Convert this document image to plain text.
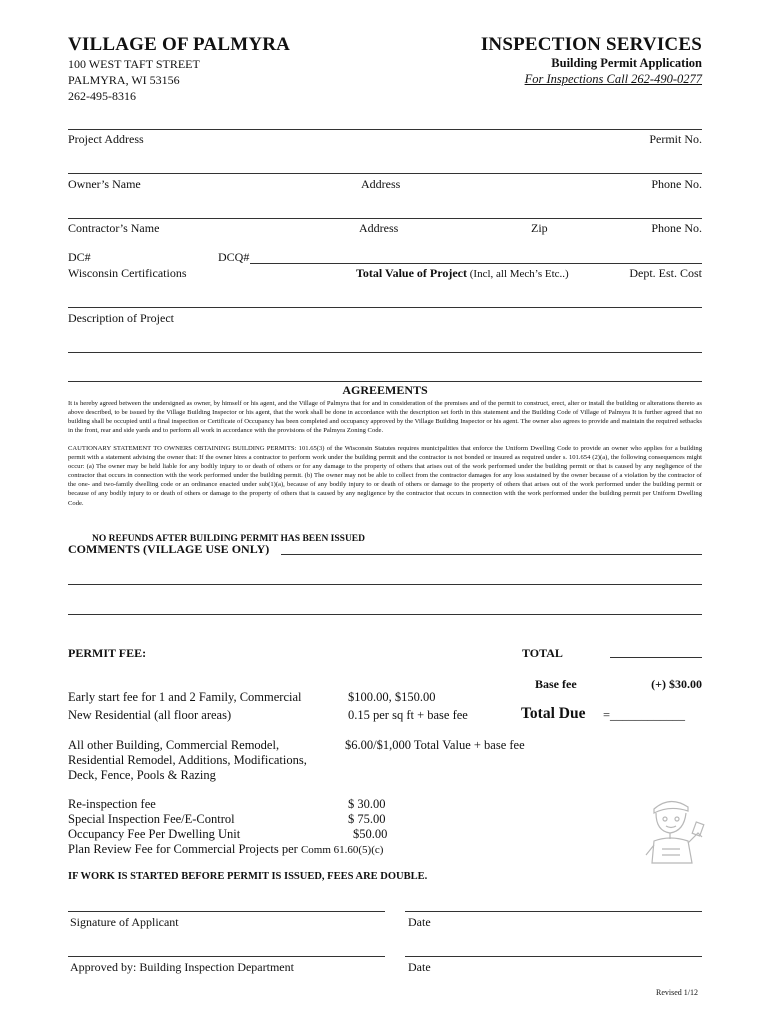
VILLAGE OF PALMYRA
100 WEST TAFT STREET
PALMYRA, WI 53156
262-495-8316
INSPECTION SERVICES
Building Permit Application
For Inspections Call 262-490-0277
Project Address	Permit No.
Owner’s Name	Address	Phone No.
Contractor’s Name	Address	Zip	Phone No.
DC#	DCQ#
Wisconsin Certifications	Total Value of Project (Incl, all Mech’s Etc..)	Dept. Est. Cost
Description of Project
AGREEMENTS
It is hereby agreed between the undersigned as owner, by himself or his agent, and the Village of Palmyra that for and in consideration of the premises and of the permit to construct, erect, alter or install the building or alterations thereto as above described, to be issued by the Village Building Inspector or his agent, that the work shall be done in accordance with the description set forth in this statement and the Building Code of Village of Palmyra It is further agreed that no building shall be occupied until a final inspection or Certificate of Occupancy has been completed and occupancy approved by the Village Building Inspector or his agent. The owner also agrees to provide and maintain the required setbacks in the front, rear and side yards and to perform all work in accordance with the provisions of the Palmyra Zoning Code.
CAUTIONARY STATEMENT TO OWNERS OBTAINING BUILDING PERMITS: 101.65(3) of the Wisconsin Statutes requires municipalities that enforce the Uniform Dwelling Code to provide an owner who applies for a building permit with a statement advising the owner that: If the owner hires a contractor to perform work under the building permit and the contractor is not bonded or insured as required under s. 101.654 (2)(a), the following consequences might occur: (a) The owner may be held liable for any bodily injury to or death of others or for any damage to the property of others that arises out of the work performed under the building permit or that is caused by any negligence of the contractor that occurs in connection with the work performed under the building permit. (b) The owner may not be able to collect from the contractor damages for any loss sustained by the owner because of a violation by the contractor of the one- and two-family dwelling code or an ordinance enacted under sub(1)(a), because of any bodily injury to or death of others or damage to the property of others that arises out of the work performed under the building permit or because of any bodily injury to or death of others or damage to the property of others that is caused by any negligence by the contractor that occurs in connection with the work performed under the building permit per Uniform Dwelling Code.
NO REFUNDS AFTER BUILDING PERMIT HAS BEEN ISSUED
COMMENTS (VILLAGE USE ONLY)
PERMIT FEE:	TOTAL
Base fee	(+) $30.00
Early start fee for 1 and 2 Family, Commercial	$100.00, $150.00
New Residential (all floor areas)	0.15 per sq ft + base fee	Total Due =____________
All other Building, Commercial Remodel,
Residential Remodel, Additions, Modifications,
Deck, Fence, Pools & Razing
$6.00/$1,000 Total Value + base fee
Re-inspection fee	$ 30.00
Special Inspection Fee/E-Control	$ 75.00
Occupancy Fee Per Dwelling Unit	$50.00
Plan Review Fee for Commercial Projects per Comm 61.60(5)(c)
IF WORK IS STARTED BEFORE PERMIT IS ISSUED, FEES ARE DOUBLE.
Signature of Applicant	Date
Approved by: Building Inspection Department	Date
Revised 1/12
